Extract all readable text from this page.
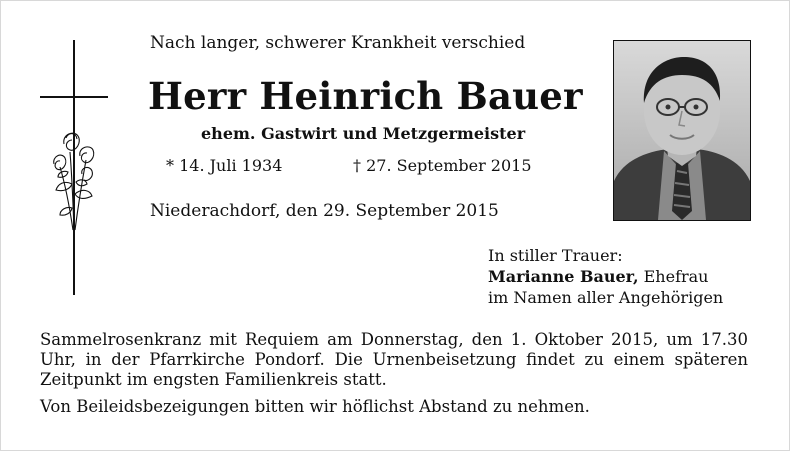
Nach langer, schwerer Krankheit verschied
Herr Heinrich Bauer
ehem. Gastwirt und Metzgermeister
* 14. Juli 1934	† 27. September 2015
Niederachdorf, den 29. September 2015
In stiller Trauer:
Marianne Bauer, Ehefrau
im Namen aller Angehörigen

Sammelrosenkranz mit Requiem am Donnerstag, den 1. Oktober 2015, um 17.30 Uhr, in der Pfarrkirche Pondorf. Die Urnenbeisetzung findet zu einem späteren Zeitpunkt im engsten Familienkreis statt.

Von Beileidsbezeigungen bitten wir höflichst Abstand zu nehmen.
